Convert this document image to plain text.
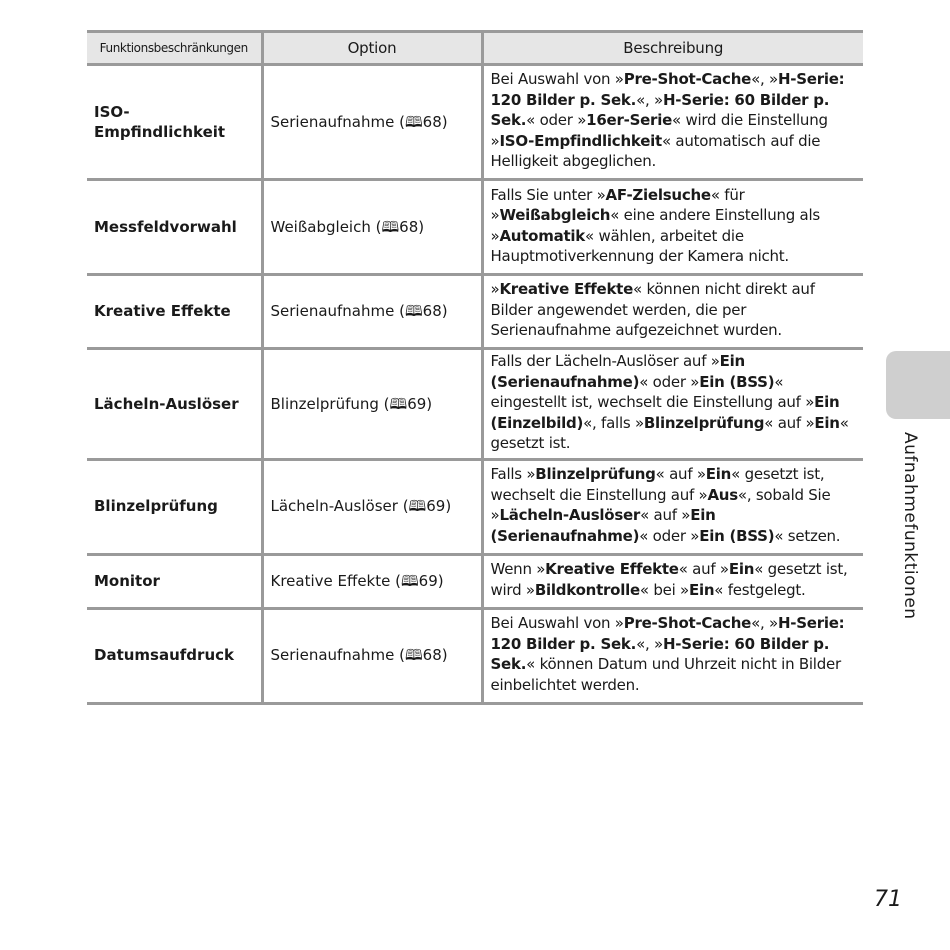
Funktionsbeschränkungen	Option	Beschreibung
ISO-Empfindlichkeit	Serienaufnahme (🕮68)	Bei Auswahl von »Pre-Shot-Cache«, »H-Serie: 120 Bilder p. Sek.«, »H-Serie: 60 Bilder p. Sek.« oder »16er-Serie« wird die Einstellung »ISO-Empfindlichkeit« automatisch auf die Helligkeit abgeglichen.
Messfeldvorwahl	Weißabgleich (🕮68)	Falls Sie unter »AF-Zielsuche« für »Weißabgleich« eine andere Einstellung als »Automatik« wählen, arbeitet die Hauptmotiverkennung der Kamera nicht.
Kreative Effekte	Serienaufnahme (🕮68)	»Kreative Effekte« können nicht direkt auf Bilder angewendet werden, die per Serienaufnahme aufgezeichnet wurden.
Lächeln-Auslöser	Blinzelprüfung (🕮69)	Falls der Lächeln-Auslöser auf »Ein (Serienaufnahme)« oder »Ein (BSS)« eingestellt ist, wechselt die Einstellung auf »Ein (Einzelbild)«, falls »Blinzelprüfung« auf »Ein« gesetzt ist.
Blinzelprüfung	Lächeln-Auslöser (🕮69)	Falls »Blinzelprüfung« auf »Ein« gesetzt ist, wechselt die Einstellung auf »Aus«, sobald Sie »Lächeln-Auslöser« auf »Ein (Serienaufnahme)« oder »Ein (BSS)« setzen.
Monitor	Kreative Effekte (🕮69)	Wenn »Kreative Effekte« auf »Ein« gesetzt ist, wird »Bildkontrolle« bei »Ein« festgelegt.
Datumsaufdruck	Serienaufnahme (🕮68)	Bei Auswahl von »Pre-Shot-Cache«, »H-Serie: 120 Bilder p. Sek.«, »H-Serie: 60 Bilder p. Sek.« können Datum und Uhrzeit nicht in Bilder einbelichtet werden.
Aufnahmefunktionen
71
